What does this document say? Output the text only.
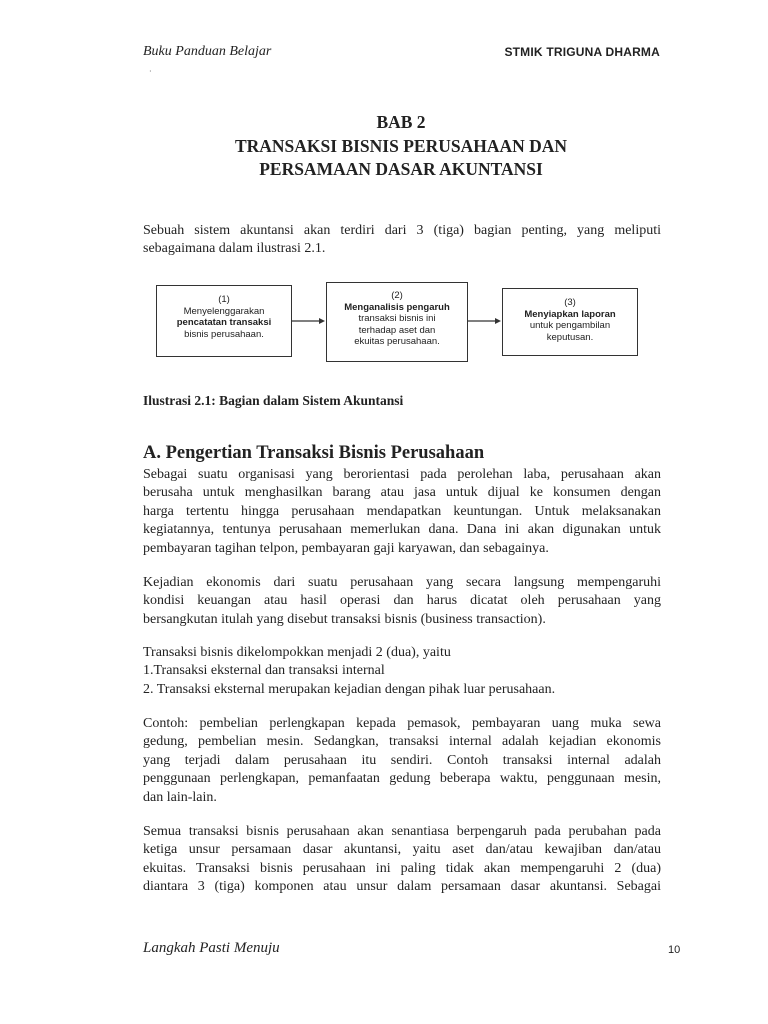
Buku Panduan Belajar
·
STMIK TRIGUNA DHARMA
BAB 2
TRANSAKSI BISNIS PERUSAHAAN DAN
PERSAMAAN DASAR AKUNTANSI
Sebuah sistem akuntansi akan terdiri dari 3 (tiga) bagian penting, yang meliputi
sebagaimana dalam ilustrasi 2.1.
(1)
Menyelenggarakan
pencatatan transaksi
bisnis perusahaan.
(2)
Menganalisis pengaruh
transaksi bisnis ini
terhadap aset dan
ekuitas perusahaan.
(3)
Menyiapkan laporan
untuk pengambilan
keputusan.
Ilustrasi 2.1: Bagian dalam Sistem Akuntansi
A. Pengertian Transaksi Bisnis Perusahaan
Sebagai suatu organisasi yang berorientasi pada perolehan laba, perusahaan akan
berusaha untuk menghasilkan barang atau jasa untuk dijual ke konsumen dengan
harga tertentu hingga perusahaan mendapatkan keuntungan. Untuk melaksanakan
kegiatannya, tentunya perusahaan memerlukan dana. Dana ini akan digunakan untuk
pembayaran tagihan telpon, pembayaran gaji karyawan, dan sebagainya.
Kejadian ekonomis dari suatu perusahaan yang secara langsung mempengaruhi
kondisi keuangan atau hasil operasi dan harus dicatat oleh perusahaan yang
bersangkutan itulah yang disebut transaksi bisnis (business transaction).
Transaksi bisnis dikelompokkan menjadi 2 (dua), yaitu
1.Transaksi eksternal dan transaksi internal
2. Transaksi eksternal merupakan kejadian dengan pihak luar perusahaan.
Contoh: pembelian perlengkapan kepada pemasok, pembayaran uang muka sewa
gedung, pembelian mesin. Sedangkan, transaksi internal adalah kejadian ekonomis
yang terjadi dalam perusahaan itu sendiri. Contoh transaksi internal adalah
penggunaan perlengkapan, pemanfaatan gedung beberapa waktu, penggunaan mesin,
dan lain-lain.
Semua transaksi bisnis perusahaan akan senantiasa berpengaruh pada perubahan pada
ketiga unsur persamaan dasar akuntansi, yaitu aset dan/atau kewajiban dan/atau
ekuitas. Transaksi bisnis perusahaan ini paling tidak akan mempengaruhi 2 (dua)
diantara 3 (tiga) komponen atau unsur dalam persamaan dasar akuntansi. Sebagai
Langkah Pasti Menuju	10
